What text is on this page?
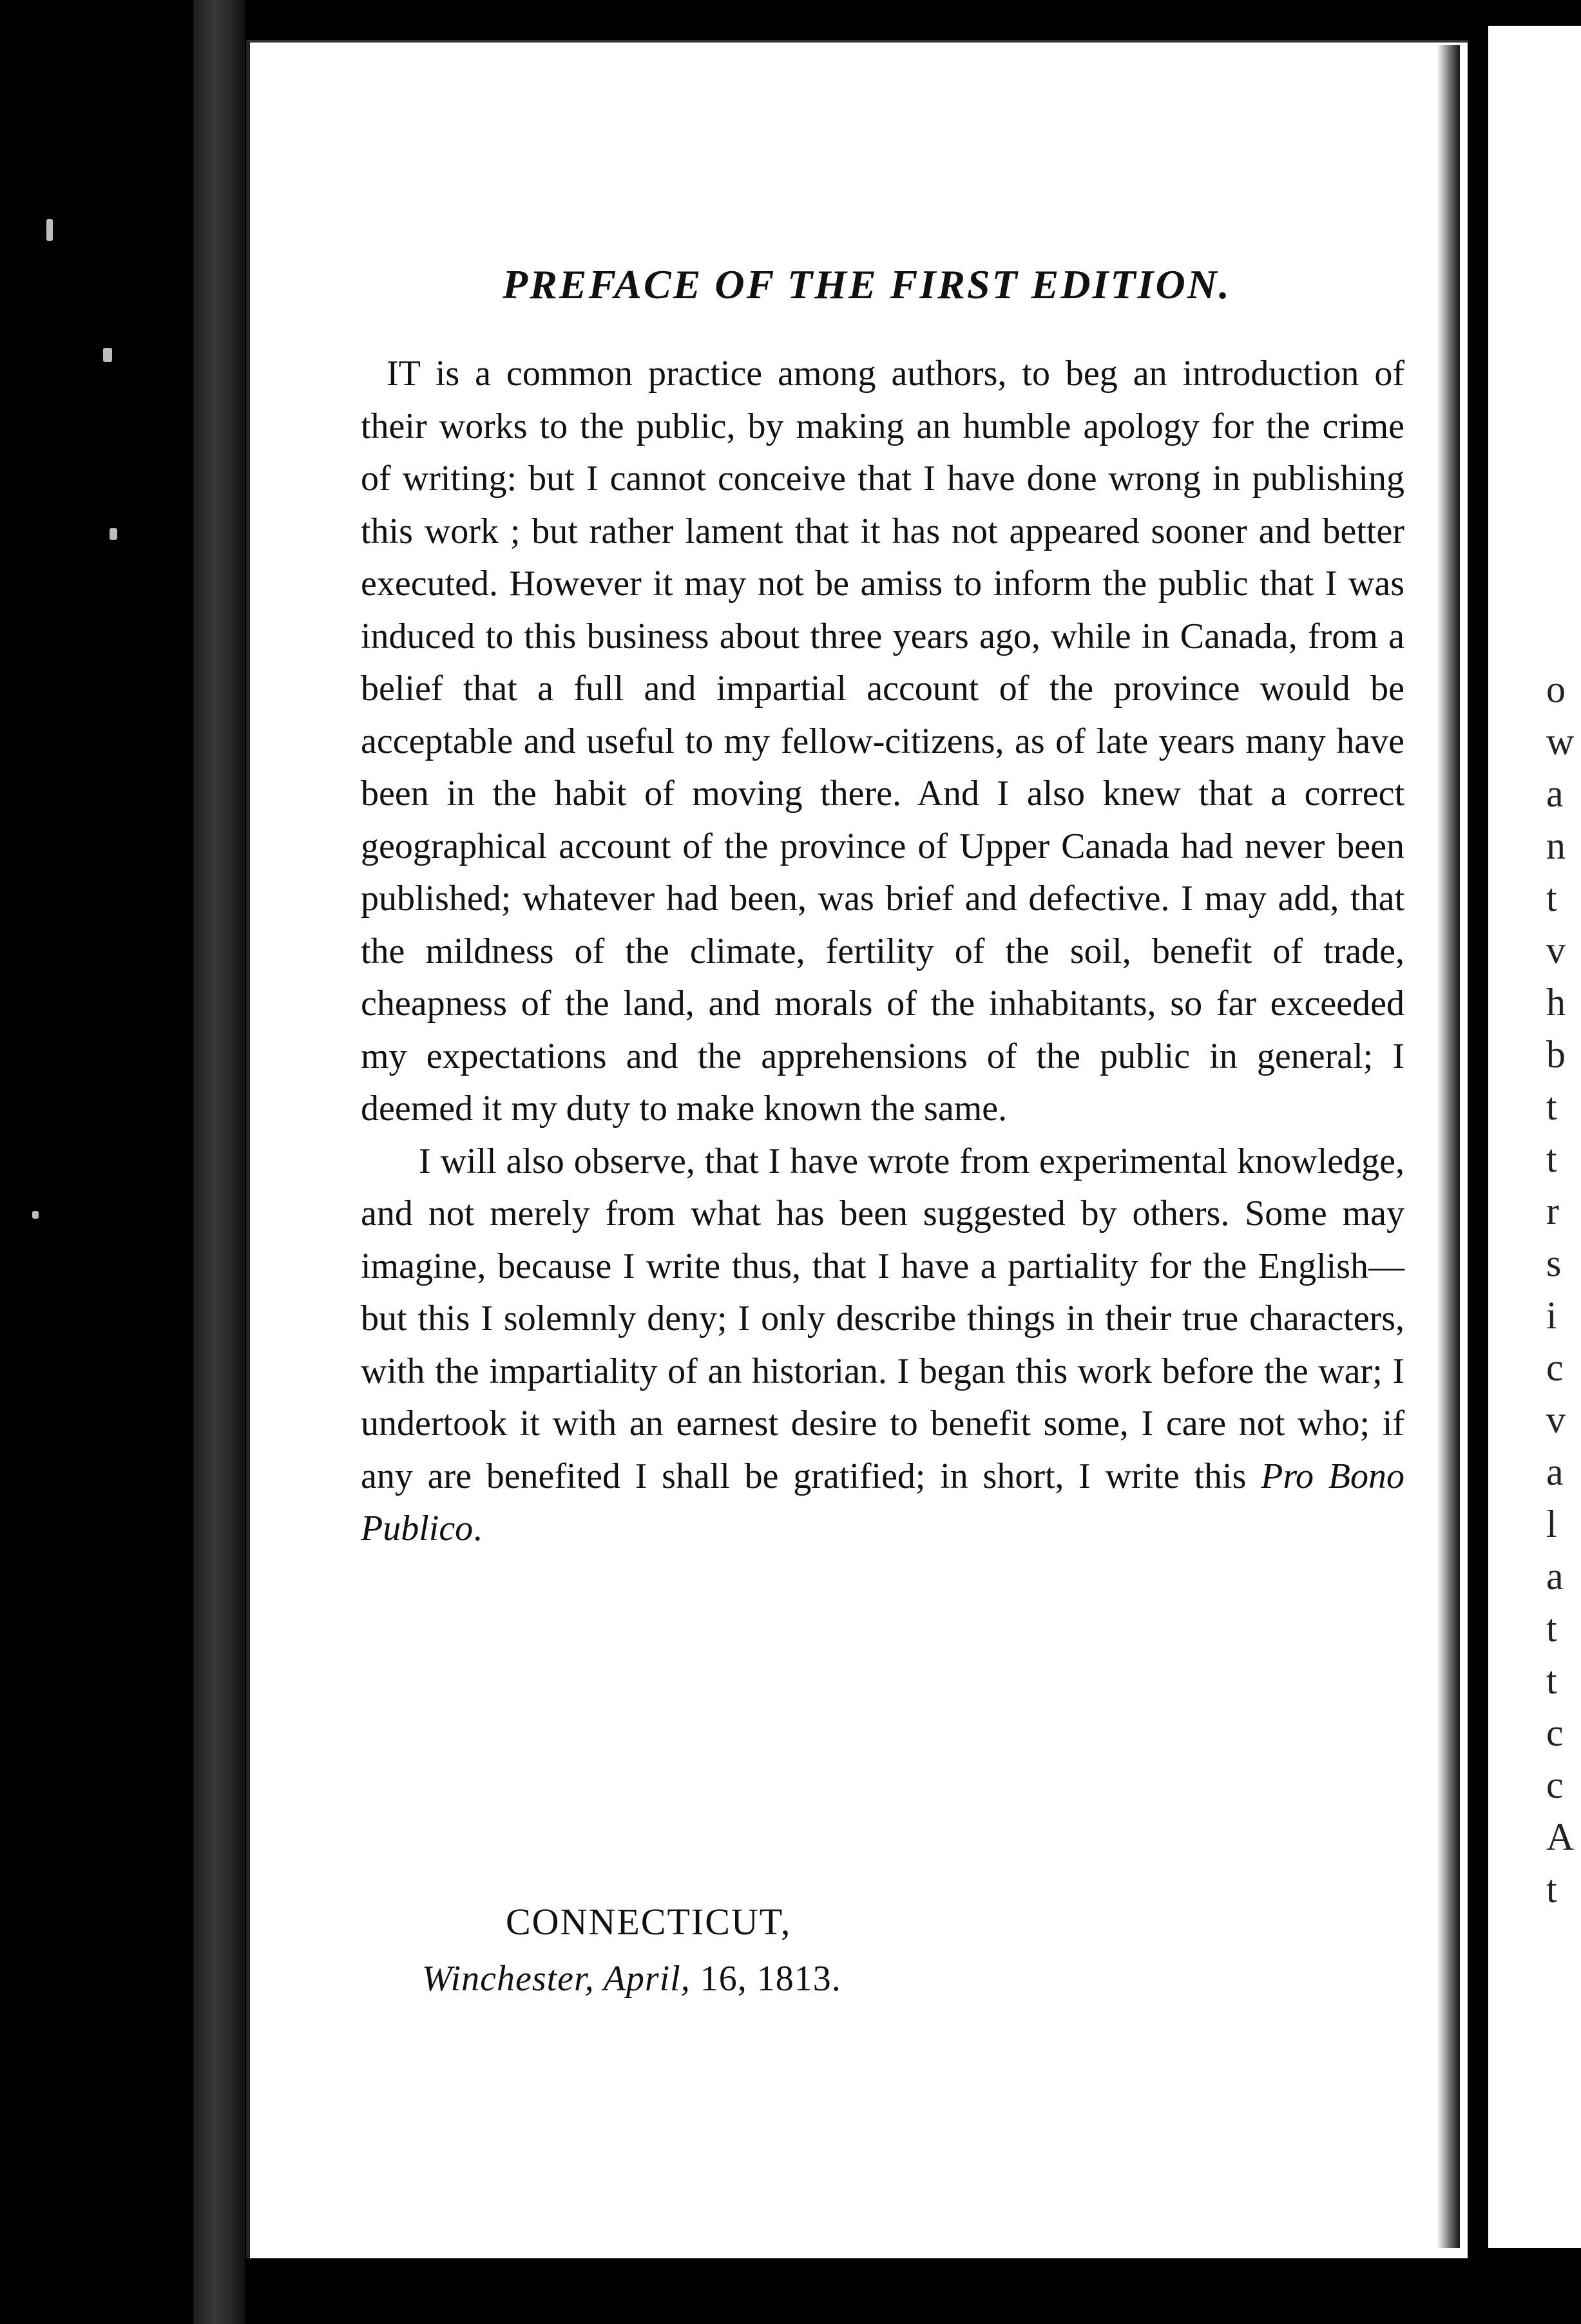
o
w
a
n
t
v
h
b
t
t
r
s
i
c
v
a
l
a
t
t
c
c
A
t
PREFACE OF THE FIRST EDITION.

IT is a common practice among authors, to beg an introduction of their works to the public, by making an humble apology for the crime of writing: but I cannot conceive that I have done wrong in publishing this work ; but rather lament that it has not appeared sooner and better executed. However it may not be amiss to inform the public that I was induced to this business about three years ago, while in Canada, from a belief that a full and impartial account of the province would be acceptable and useful to my fellow-citizens, as of late years many have been in the habit of moving there. And I also knew that a correct geographical account of the province of Upper Canada had never been published; whatever had been, was brief and defective. I may add, that the mildness of the climate, fertility of the soil, benefit of trade, cheapness of the land, and morals of the inhabitants, so far exceeded my expectations and the apprehensions of the public in general; I deemed it my duty to make known the same.

I will also observe, that I have wrote from experimental knowledge, and not merely from what has been suggested by others. Some may imagine, because I write thus, that I have a partiality for the English—but this I solemnly deny; I only describe things in their true characters, with the impartiality of an historian. I began this work before the war; I undertook it with an earnest desire to benefit some, I care not who; if any are benefited I shall be gratified; in short, I write this Pro Bono Publico.

CONNECTICUT,
Winchester, April, 16, 1813.
